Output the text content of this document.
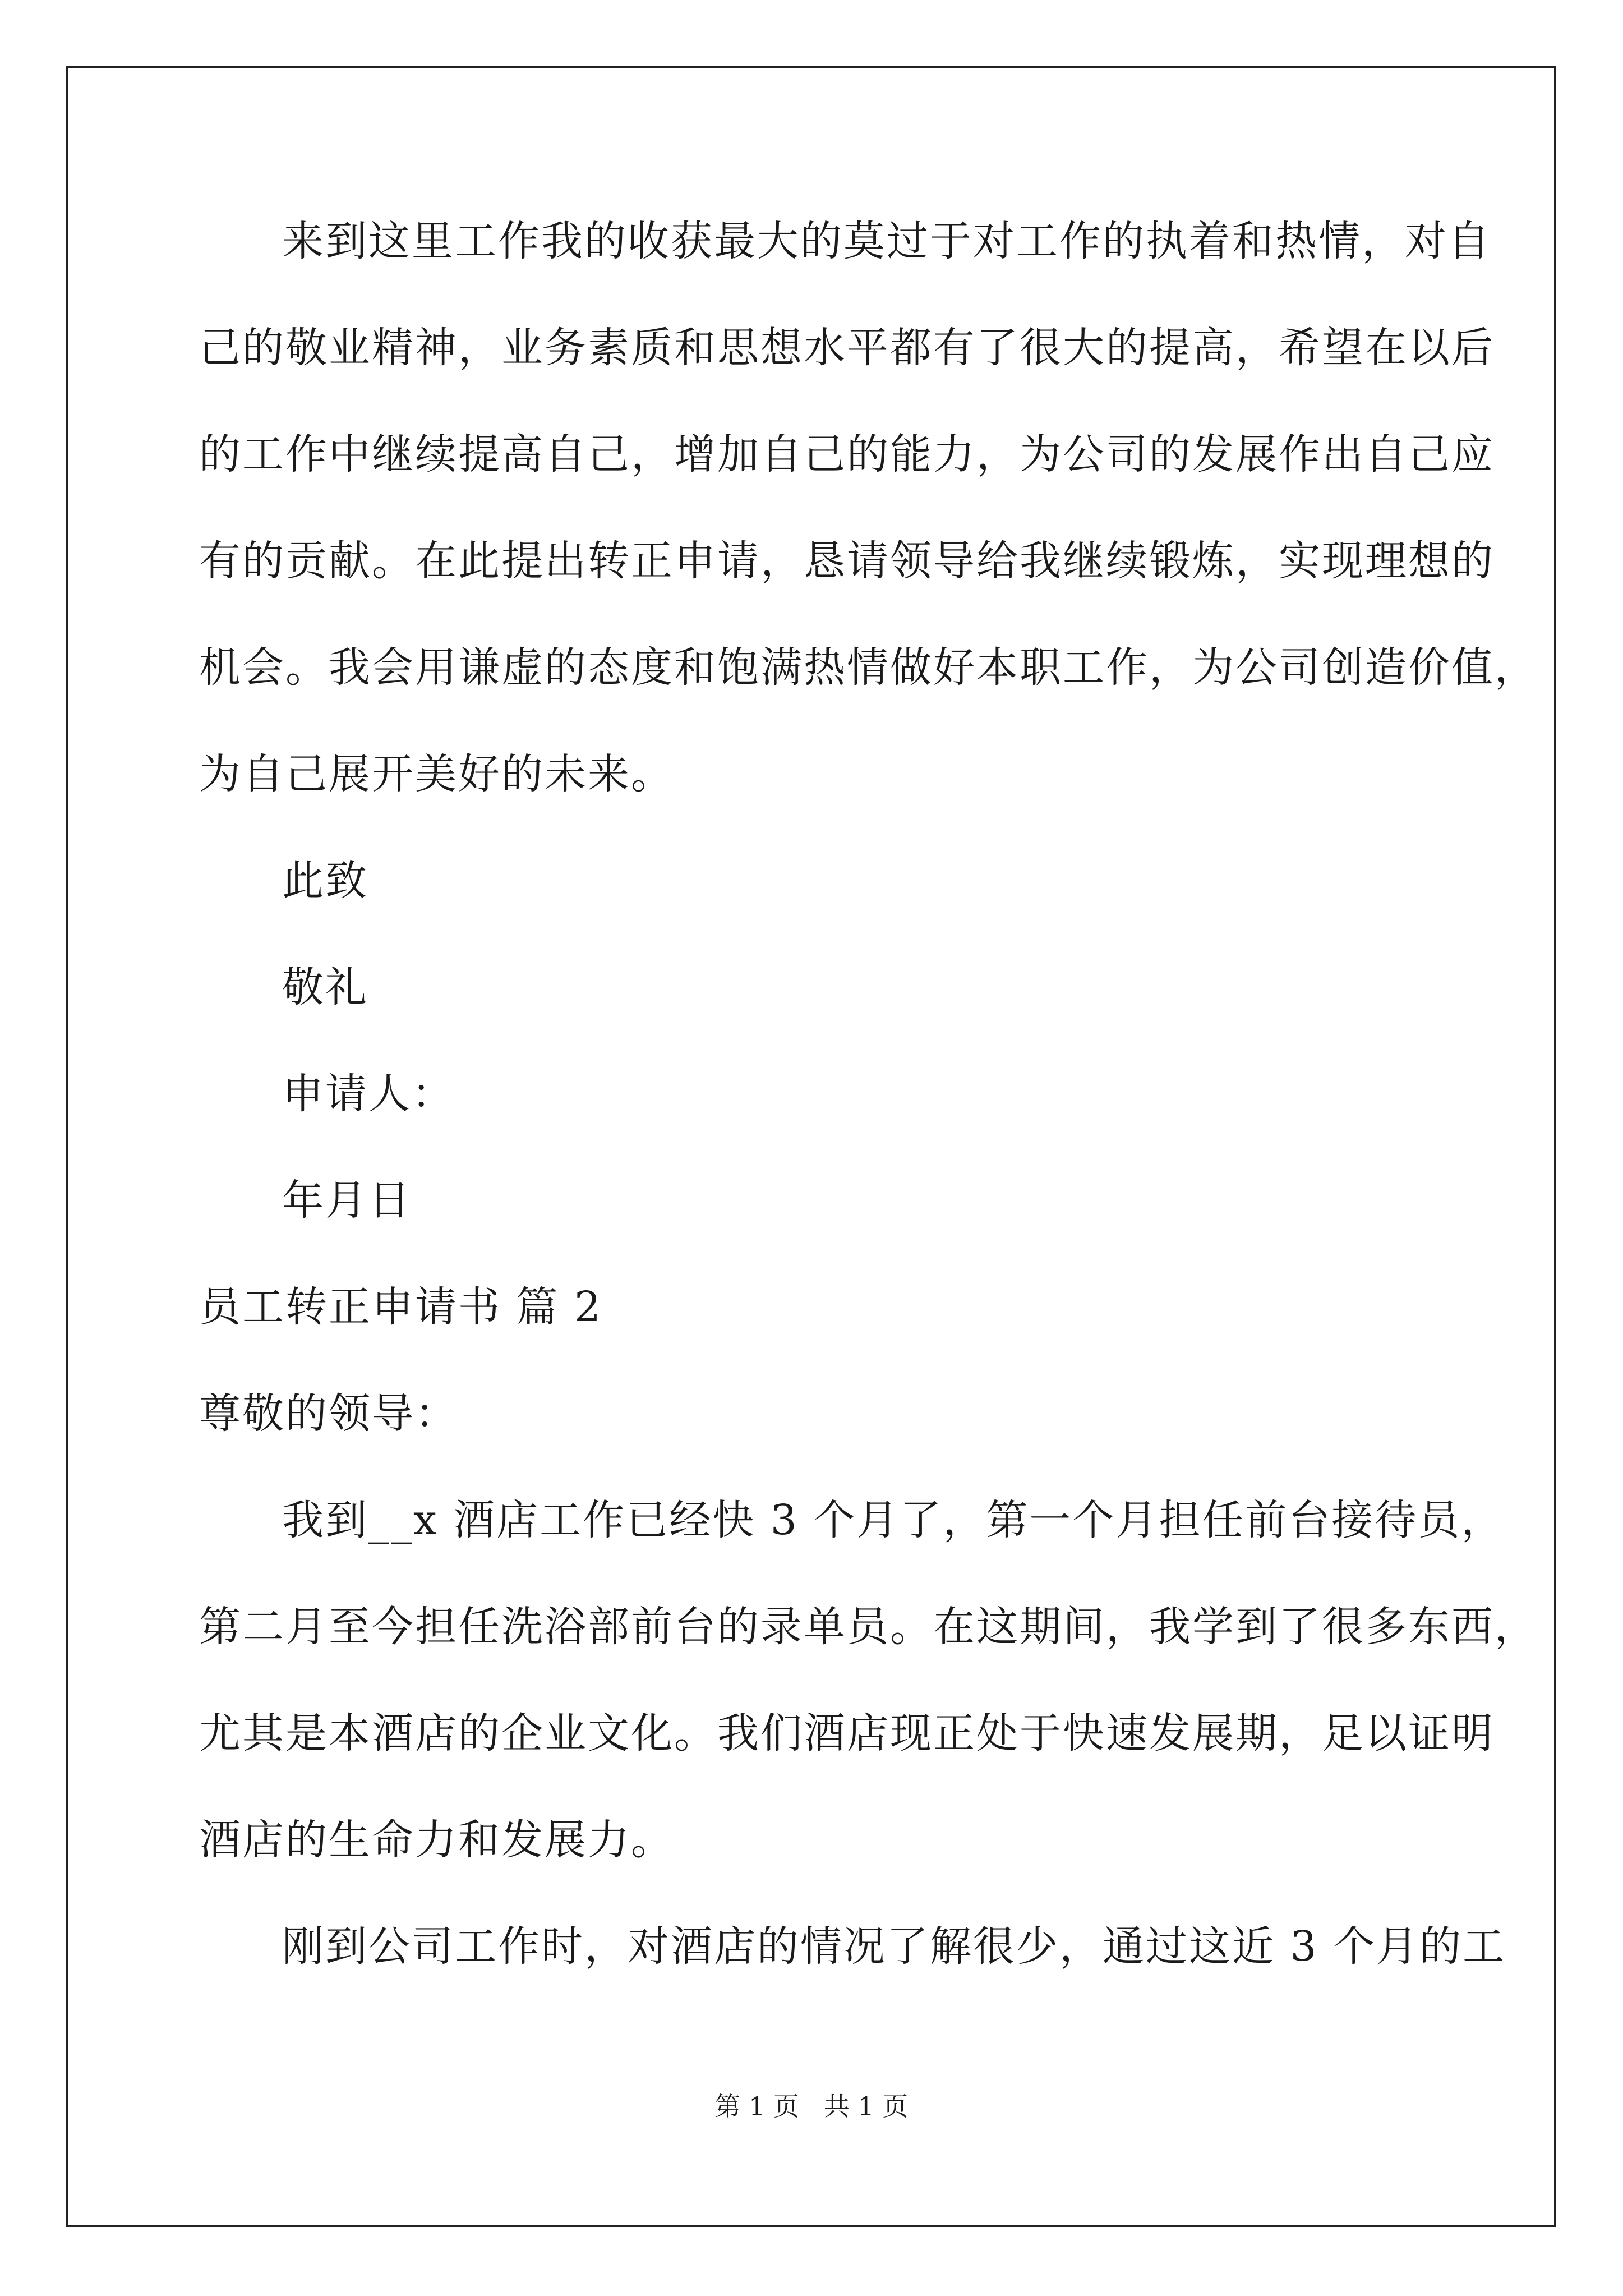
来到这里工作我的收获最大的莫过于对工作的执着和热情，对自
己的敬业精神，业务素质和思想水平都有了很大的提高，希望在以后
的工作中继续提高自己，增加自己的能力，为公司的发展作出自己应
有的贡献。在此提出转正申请，恳请领导给我继续锻炼，实现理想的
机会。我会用谦虚的态度和饱满热情做好本职工作，为公司创造价值，
为自己展开美好的未来。
此致
敬礼
申请人：
年月日
员工转正申请书 篇 2
尊敬的领导：
我到__x 酒店工作已经快 3 个月了，第一个月担任前台接待员，
第二月至今担任洗浴部前台的录单员。在这期间，我学到了很多东西，
尤其是本酒店的企业文化。我们酒店现正处于快速发展期，足以证明
酒店的生命力和发展力。
刚到公司工作时，对酒店的情况了解很少，通过这近 3 个月的工
第 1 页   共 1 页
